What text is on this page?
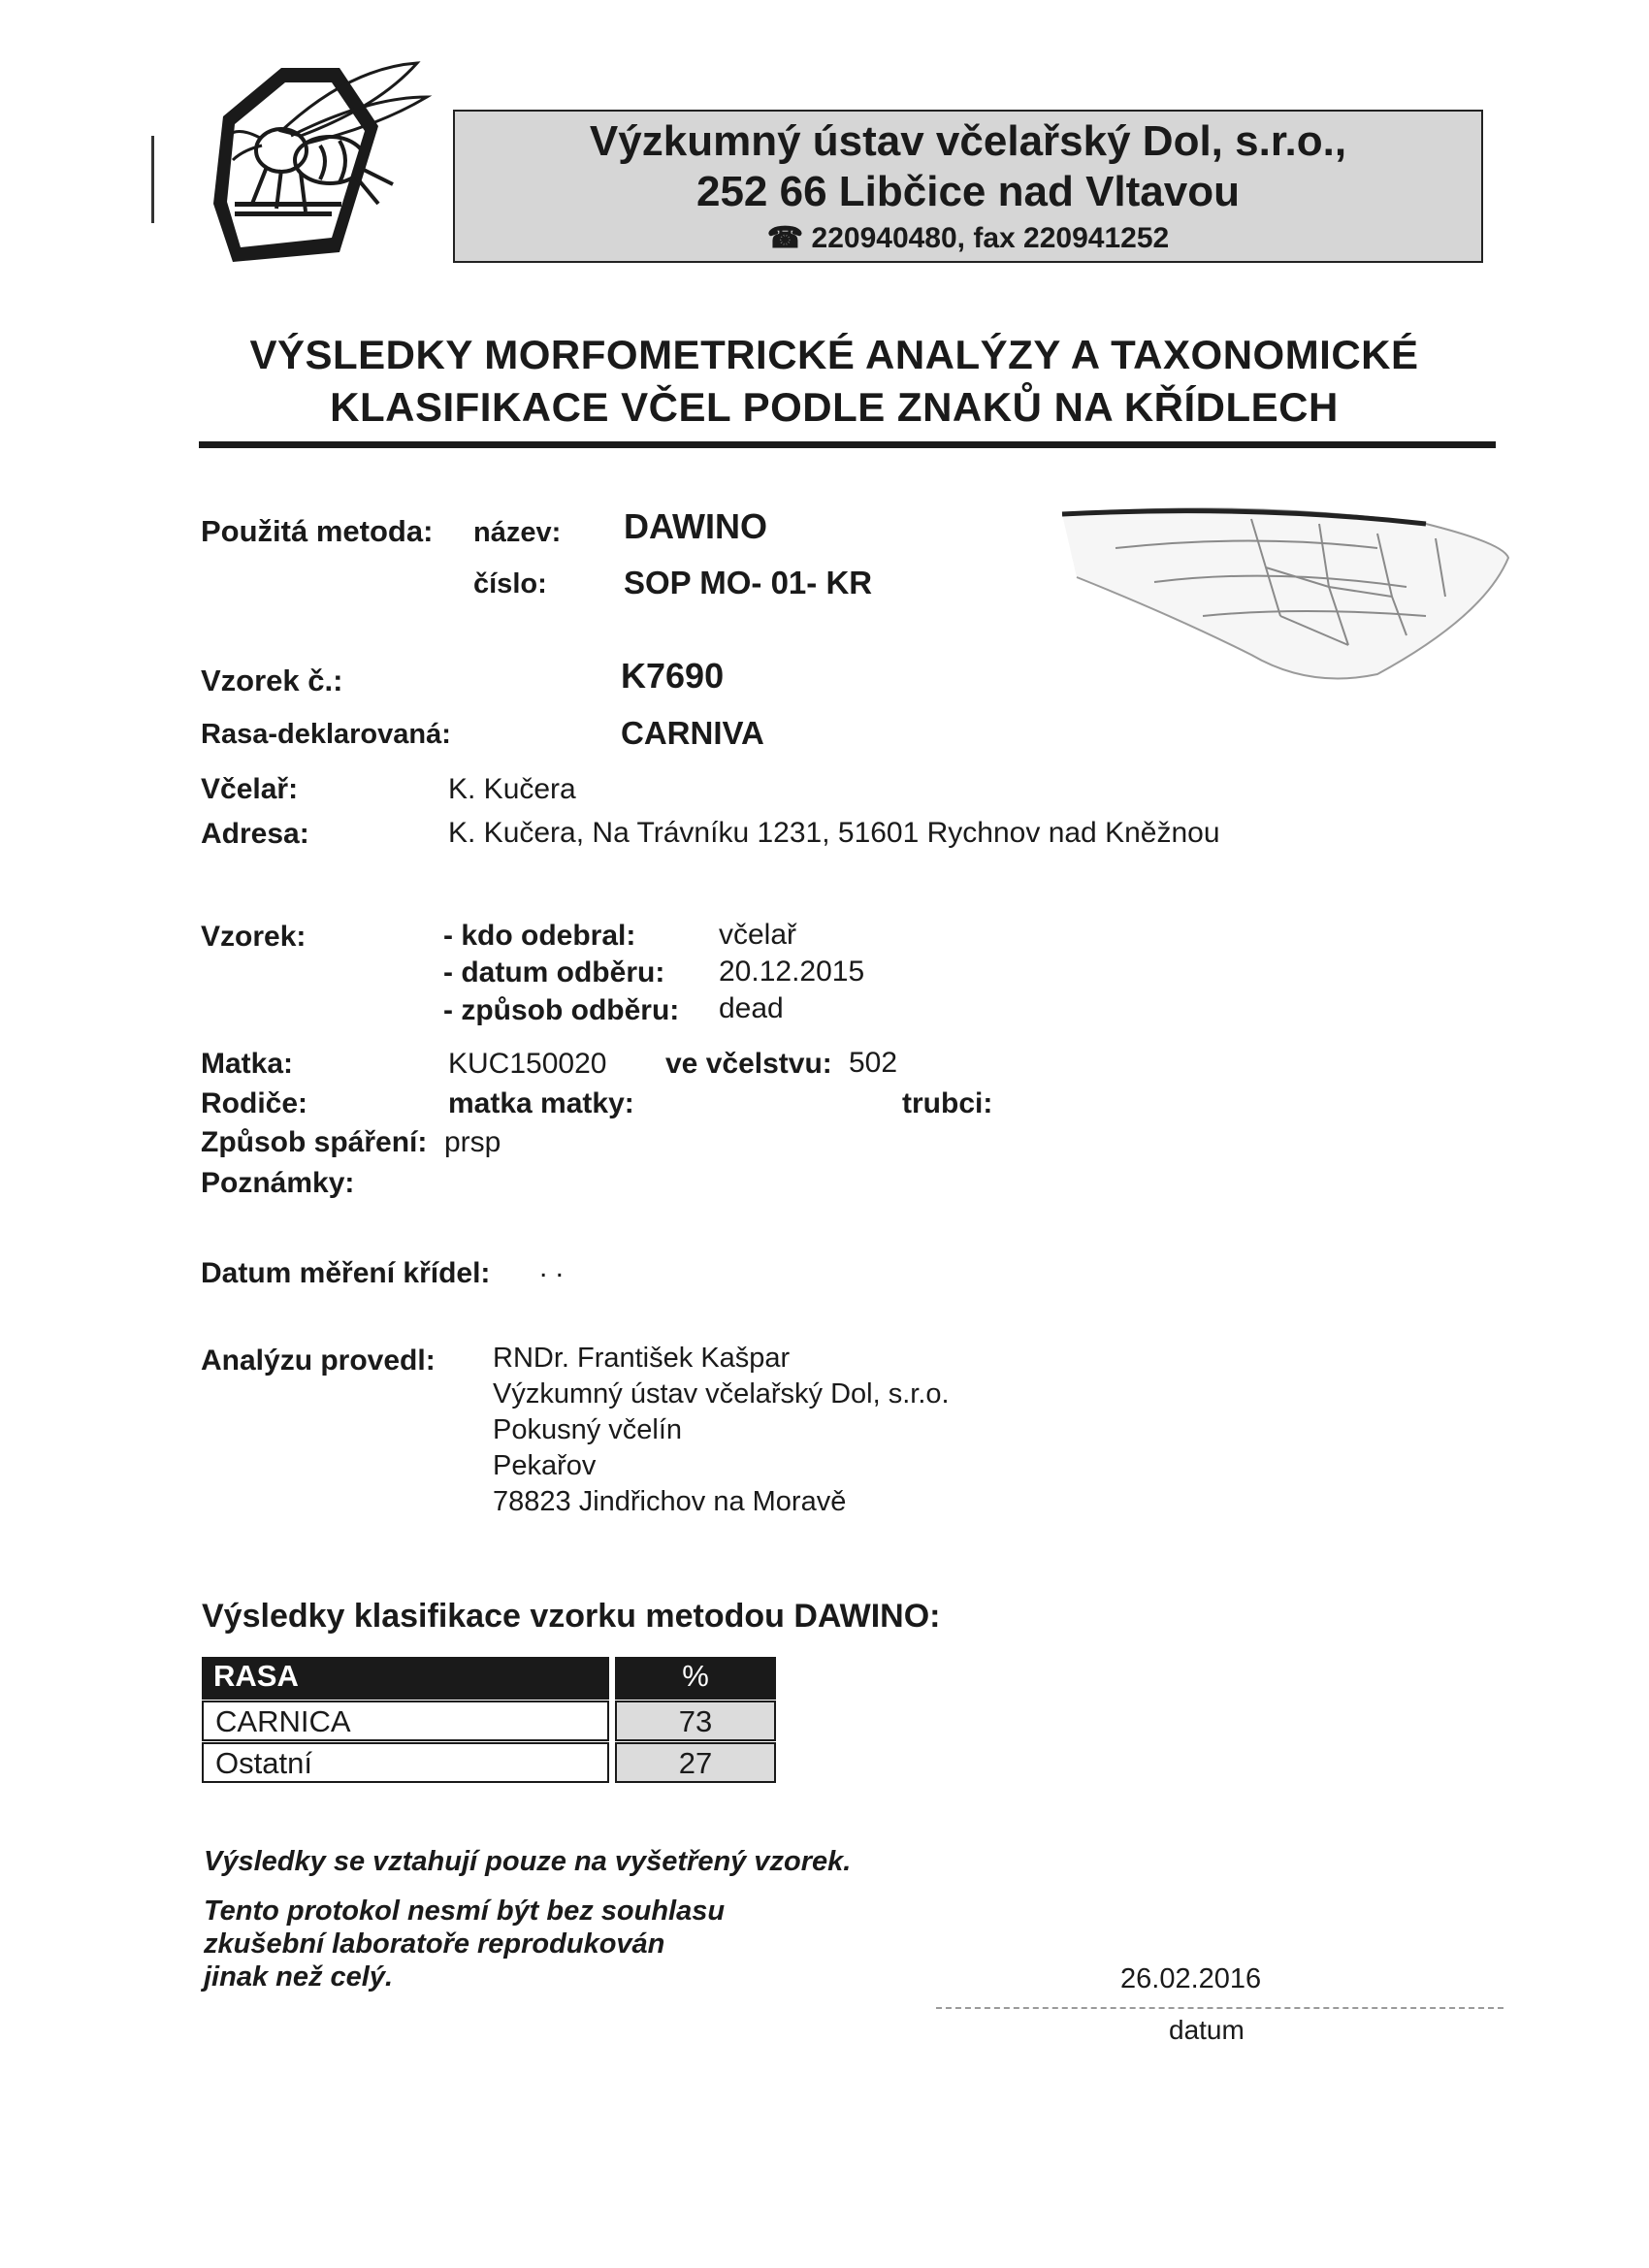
Výzkumný ústav včelařský Dol, s.r.o.,
252 66 Libčice nad Vltavou
☎ 220940480, fax 220941252
VÝSLEDKY MORFOMETRICKÉ ANALÝZY A TAXONOMICKÉ
KLASIFIKACE VČEL PODLE ZNAKŮ NA KŘÍDLECH
Použitá metoda: název: DAWINO
číslo: SOP MO- 01- KR
Vzorek č.:	K7690
Rasa-deklarovaná:	CARNIVA
Včelař:	K. Kučera
Adresa:	K. Kučera, Na Trávníku 1231, 51601 Rychnov nad Kněžnou
Vzorek:	- kdo odebral:	včelař
- datum odběru: 20.12.2015
- způsob odběru: dead
Matka:	KUC150020 ve včelstvu: 502
Rodiče:	matka matky:	trubci:
Způsob spáření: prsp
Poznámky:
Datum měření křídel: . .
Analýzu provedl: RNDr. František Kašpar
Výzkumný ústav včelařský Dol, s.r.o.
Pokusný včelín
Pekařov
78823 Jindřichov na Moravě
Výsledky klasifikace vzorku metodou DAWINO:
RASA	%
CARNICA	73
Ostatní	27
Výsledky se vztahují pouze na vyšetřený vzorek.
Tento protokol nesmí být bez souhlasu
zkušební laboratoře reprodukován
jinak než celý.	26.02.2016
datum
